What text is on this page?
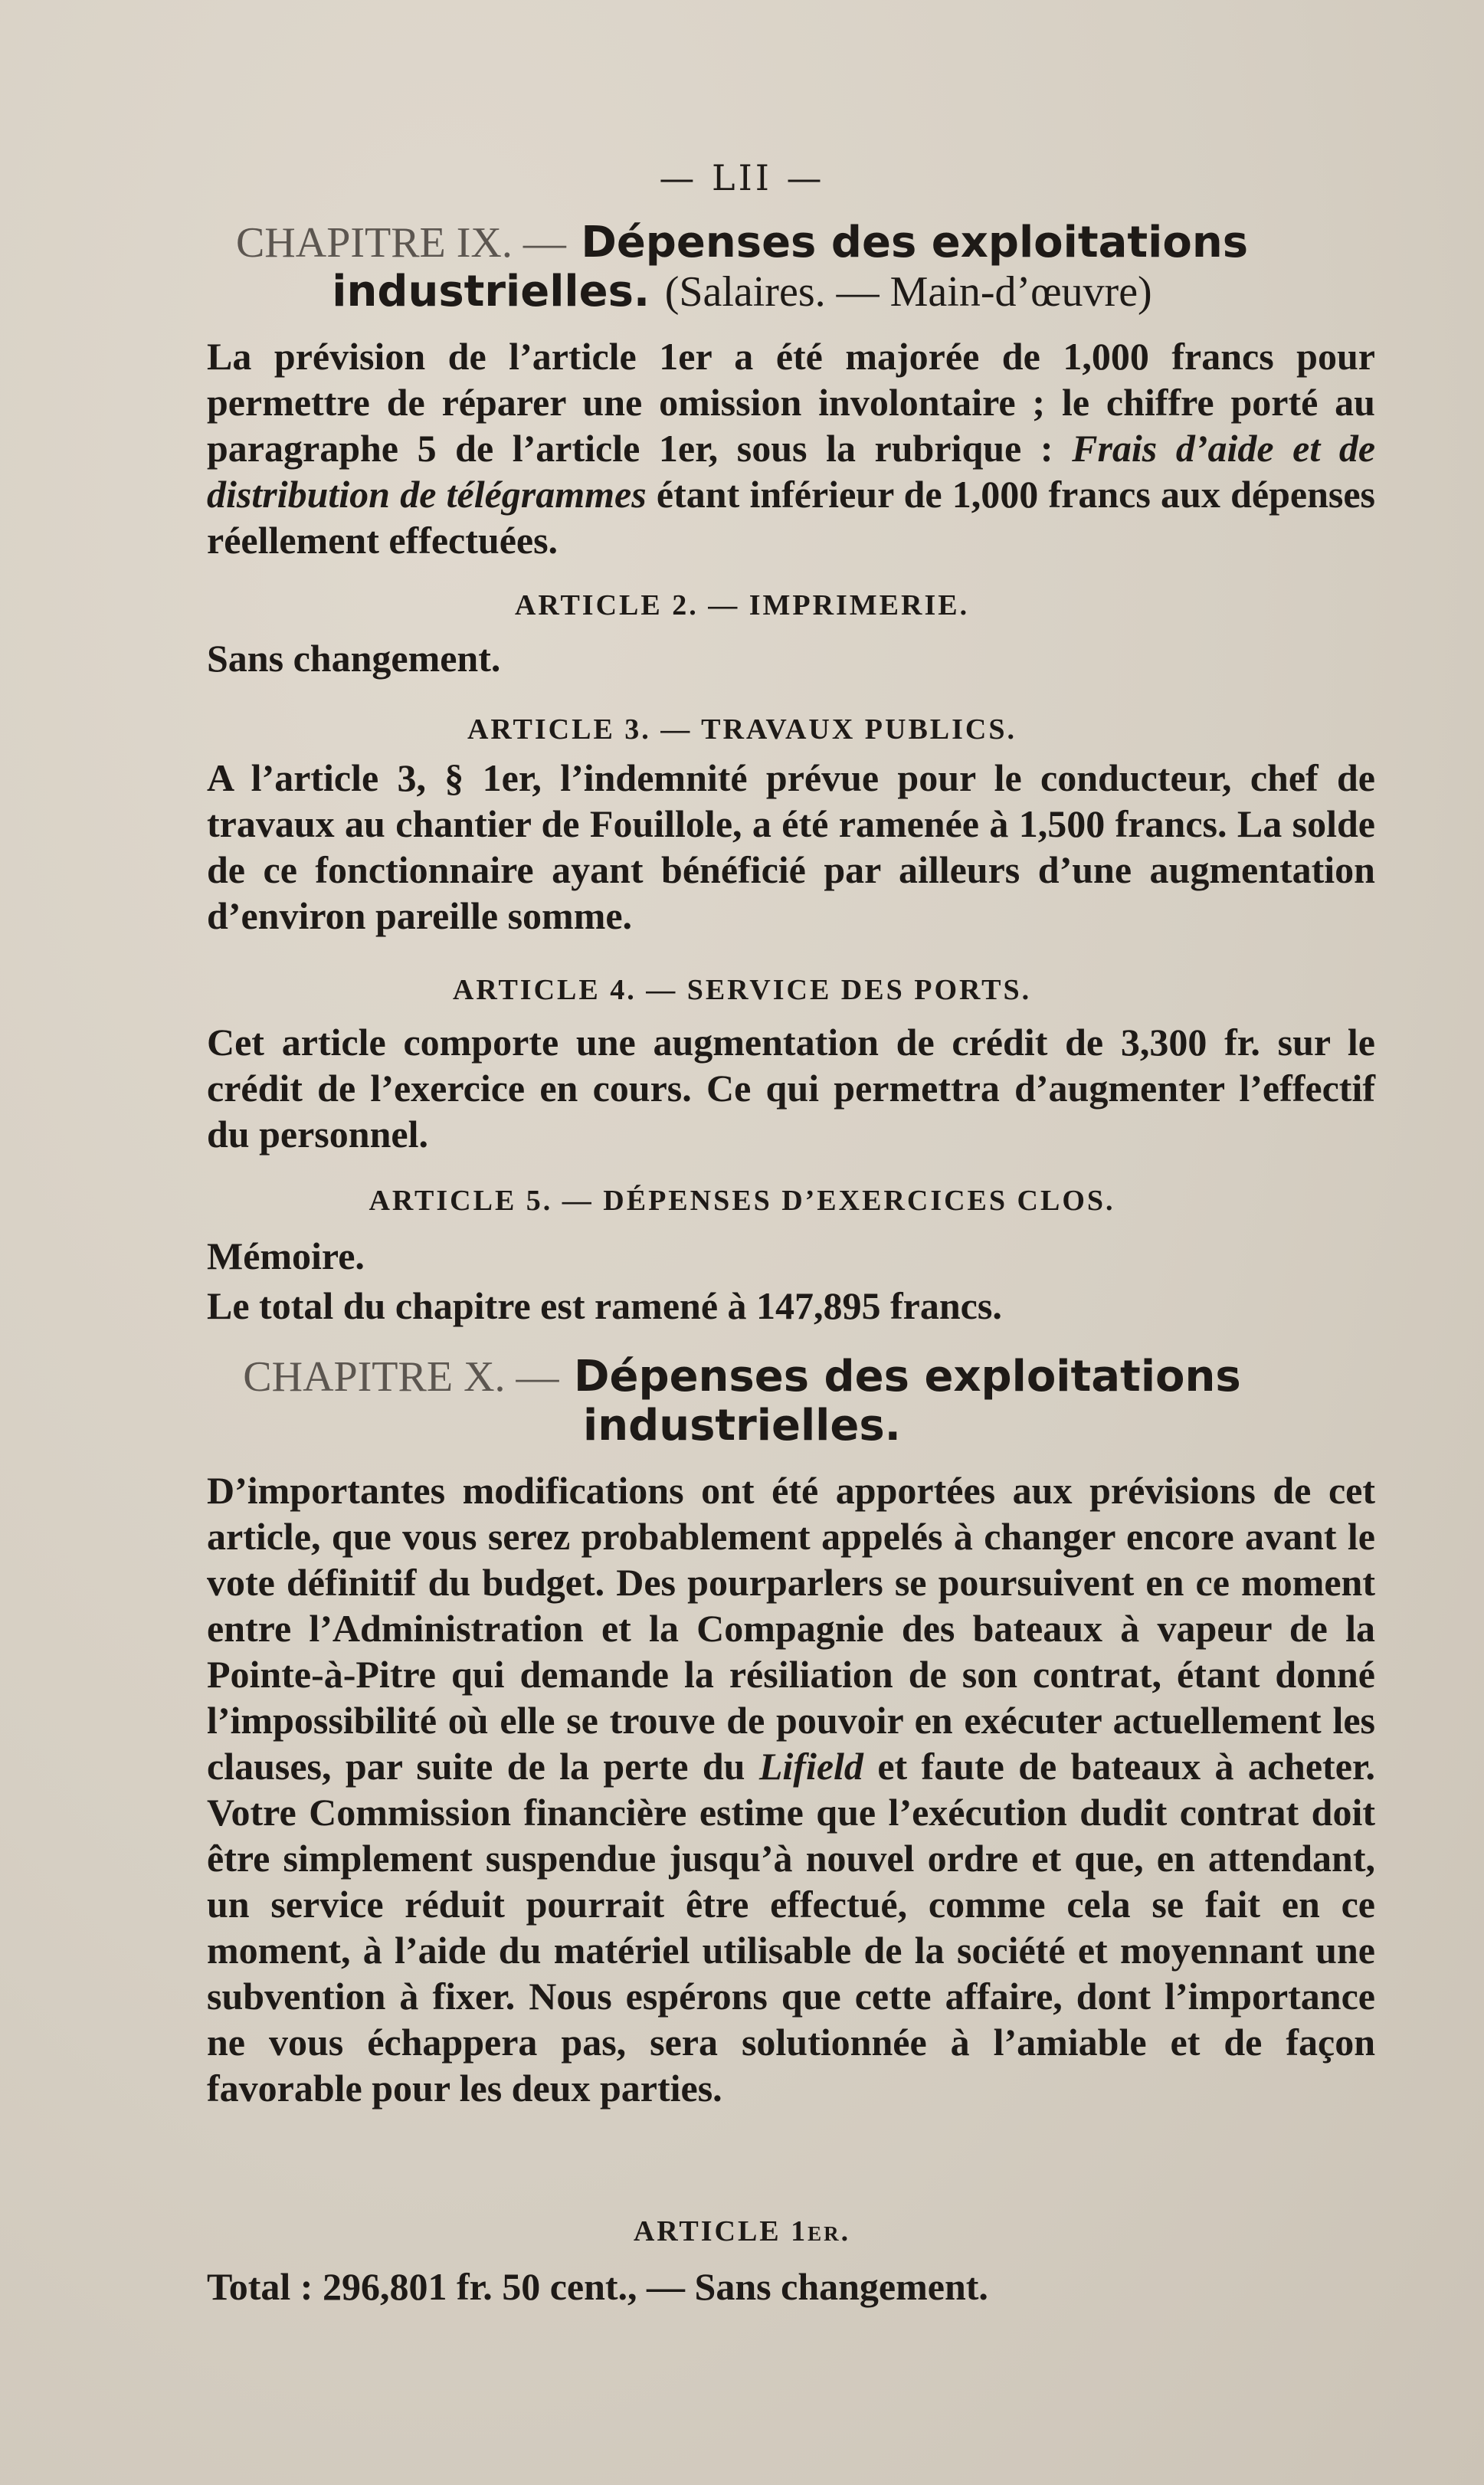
— LII —
CHAPITRE IX. — Dépenses des exploitations
industrielles. (Salaires. — Main-d’œuvre)
La prévision de l’article 1er a été majorée de 1,000 francs pour permettre de réparer une omission involontaire ; le chiffre porté au paragraphe 5 de l’article 1er, sous la rubrique : Frais d’aide et de distribution de télégrammes étant inférieur de 1,000 francs aux dépenses réellement effectuées.
ARTICLE 2. — IMPRIMERIE.
Sans changement.
ARTICLE 3. — TRAVAUX PUBLICS.
A l’article 3, § 1er, l’indemnité prévue pour le conducteur, chef de travaux au chantier de Fouillole, a été ramenée à 1,500 francs. La solde de ce fonctionnaire ayant bénéficié par ailleurs d’une augmentation d’environ pareille somme.
ARTICLE 4. — SERVICE DES PORTS.
Cet article comporte une augmentation de crédit de 3,300 fr. sur le crédit de l’exercice en cours. Ce qui permettra d’augmenter l’effectif du personnel.
ARTICLE 5. — DÉPENSES D’EXERCICES CLOS.
Mémoire.
Le total du chapitre est ramené à 147,895 francs.
CHAPITRE X. — Dépenses des exploitations
industrielles.
D’importantes modifications ont été apportées aux prévisions de cet article, que vous serez probablement appelés à changer encore avant le vote définitif du budget. Des pourparlers se poursuivent en ce moment entre l’Administration et la Compagnie des bateaux à vapeur de la Pointe-à-Pitre qui demande la résiliation de son contrat, étant donné l’impossibilité où elle se trouve de pouvoir en exécuter actuellement les clauses, par suite de la perte du Lifield et faute de bateaux à acheter. Votre Commission financière estime que l’exécution dudit contrat doit être simplement suspendue jusqu’à nouvel ordre et que, en attendant, un service réduit pourrait être effectué, comme cela se fait en ce moment, à l’aide du matériel utilisable de la société et moyennant une subvention à fixer. Nous espérons que cette affaire, dont l’importance ne vous échappera pas, sera solutionnée à l’amiable et de façon favorable pour les deux parties.
ARTICLE 1er.
Total : 296,801 fr. 50 cent., — Sans changement.
